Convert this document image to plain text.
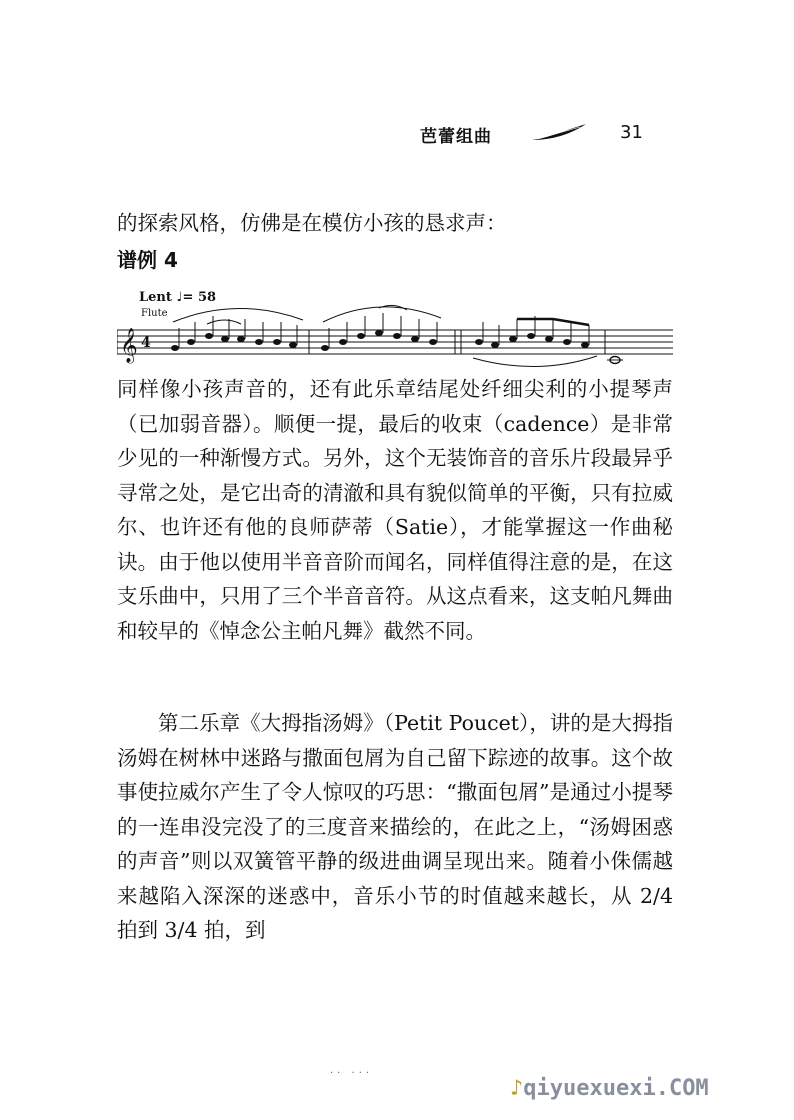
芭蕾组曲	31

的探索风格，仿佛是在模仿小孩的恳求声：

谱例 4
𝄞 4
Lent ♩= 58
Flute

同样像小孩声音的，还有此乐章结尾处纤细尖利的小提琴声（已加弱音器）。顺便一提，最后的收束（cadence）是非常少见的一种渐慢方式。另外，这个无装饰音的音乐片段最异乎寻常之处，是它出奇的清澈和具有貌似简单的平衡，只有拉威尔、也许还有他的良师萨蒂（Satie），才能掌握这一作曲秘诀。由于他以使用半音音阶而闻名，同样值得注意的是，在这支乐曲中，只用了三个半音音符。从这点看来，这支帕凡舞曲和较早的《悼念公主帕凡舞》截然不同。

第二乐章《大拇指汤姆》（Petit Poucet），讲的是大拇指汤姆在树林中迷路与撒面包屑为自己留下踪迹的故事。这个故事使拉威尔产生了令人惊叹的巧思：“撒面包屑”是通过小提琴的一连串没完没了的三度音来描绘的，在此之上，“汤姆困惑的声音”则以双簧管平静的级进曲调呈现出来。随着小侏儒越来越陷入深深的迷惑中，音乐小节的时值越来越长，从 2/4 拍到 3/4 拍，到

·· ···
♪qiyuexuexi.COM
